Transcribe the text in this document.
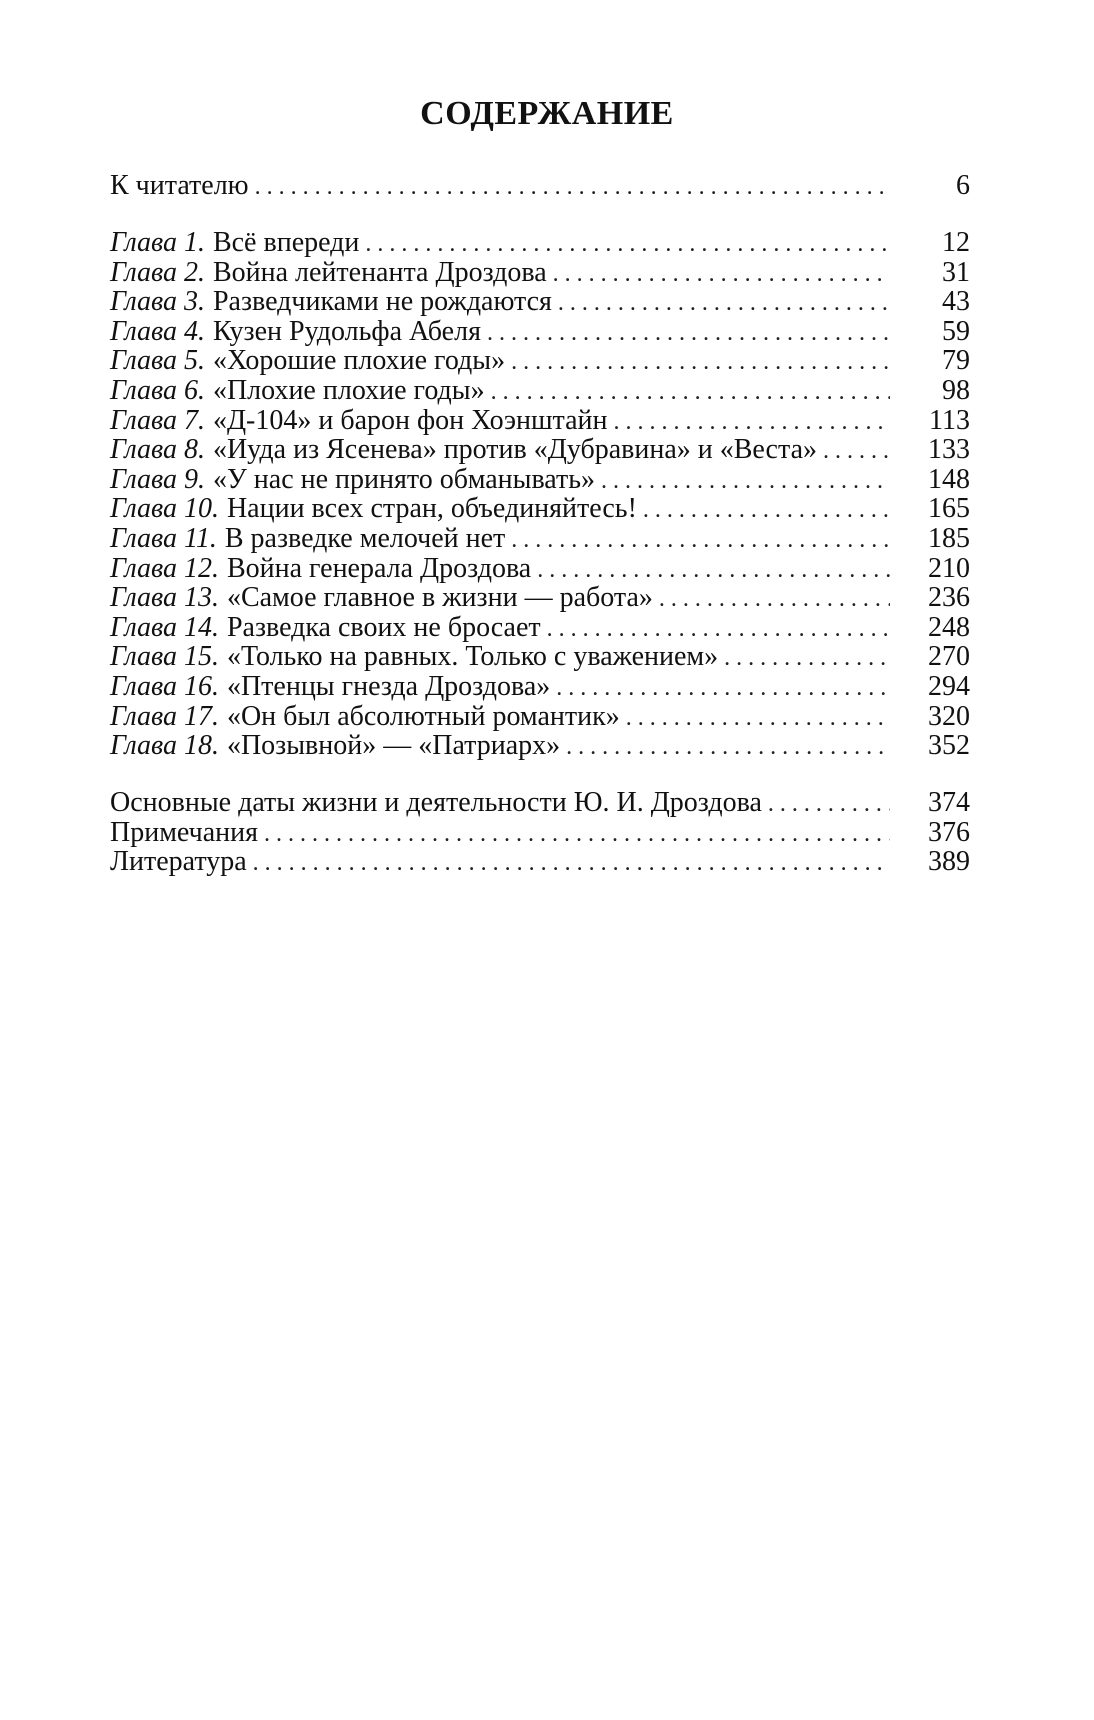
СОДЕРЖАНИЕ
К читателю . . .	6
Глава 1. Всё впереди . . .	12
Глава 2. Война лейтенанта Дроздова . . .	31
Глава 3. Разведчиками не рождаются . . .	43
Глава 4. Кузен Рудольфа Абеля . . .	59
Глава 5. «Хорошие плохие годы» . . .	79
Глава 6. «Плохие плохие годы» . . .	98
Глава 7. «Д-104» и барон фон Хоэнштайн . . .	113
Глава 8. «Иуда из Ясенева» против «Дубравина» и «Веста» . . .	133
Глава 9. «У нас не принято обманывать» . . .	148
Глава 10. Нации всех стран, объединяйтесь! . . .	165
Глава 11. В разведке мелочей нет . . .	185
Глава 12. Война генерала Дроздова . . .	210
Глава 13. «Самое главное в жизни — работа» . . .	236
Глава 14. Разведка своих не бросает . . .	248
Глава 15. «Только на равных. Только с уважением» . . .	270
Глава 16. «Птенцы гнезда Дроздова» . . .	294
Глава 17. «Он был абсолютный романтик» . . .	320
Глава 18. «Позывной» — «Патриарх» . . .	352
Основные даты жизни и деятельности Ю. И. Дроздова . . .	374
Примечания . . .	376
Литература . . .	389
